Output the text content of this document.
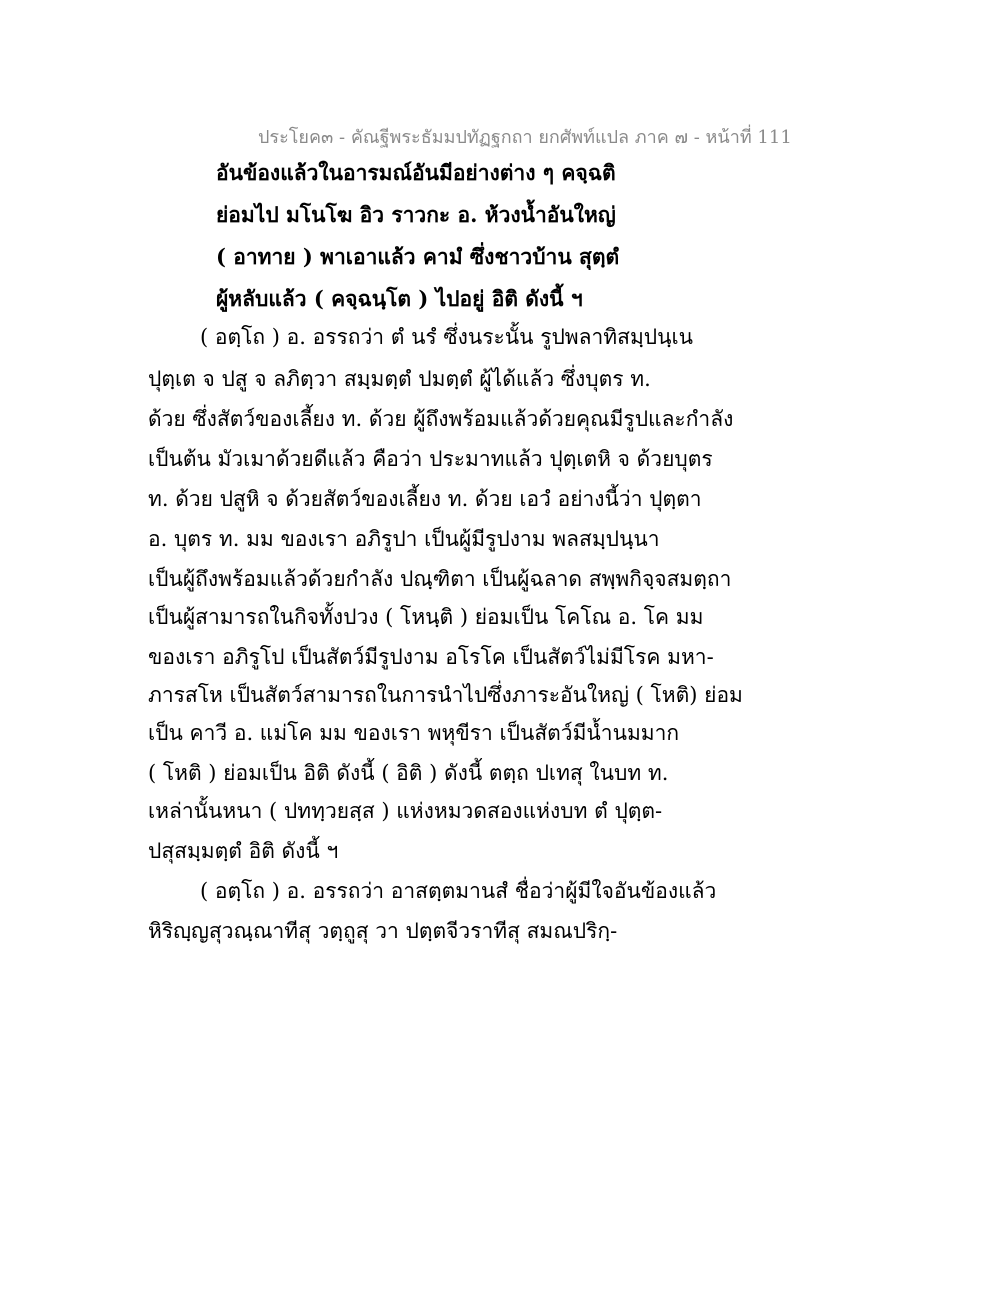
ประโยค๓ - คัณฐีพระธัมมปทัฏฐกถา ยกศัพท์แปล ภาค ๗ - หน้าที่ 111
อันข้องแล้วในอารมณ์อันมีอย่างต่าง ๆ คจฺฉติ
ย่อมไป มโนโฆ อิว ราวกะ อ. ห้วงน้ำอันใหญ่
( อาทาย ) พาเอาแล้ว คามํ ซึ่งชาวบ้าน สุตฺตํ
ผู้หลับแล้ว ( คจฺฉนฺโต ) ไปอยู่ อิติ ดังนี้ ฯ
( อตฺโถ ) อ. อรรถว่า ตํ นรํ ซึ่งนระนั้น รูปพลาทิสมฺปนฺเน
ปุตฺเต จ ปสู จ ลภิตฺวา สมฺมตฺตํ ปมตฺตํ ผู้ได้แล้ว ซึ่งบุตร ท.
ด้วย ซึ่งสัตว์ของเลี้ยง ท. ด้วย ผู้ถึงพร้อมแล้วด้วยคุณมีรูปและกำลัง
เป็นต้น มัวเมาด้วยดีแล้ว คือว่า ประมาทแล้ว ปุตฺเตหิ จ ด้วยบุตร
ท. ด้วย ปสูหิ จ ด้วยสัตว์ของเลี้ยง ท. ด้วย เอวํ อย่างนี้ว่า ปุตฺตา
อ. บุตร ท. มม ของเรา อภิรูปา เป็นผู้มีรูปงาม พลสมฺปนฺนา
เป็นผู้ถึงพร้อมแล้วด้วยกำลัง ปณฺฑิตา เป็นผู้ฉลาด สพฺพกิจฺจสมตฺถา
เป็นผู้สามารถในกิจทั้งปวง ( โหนฺติ ) ย่อมเป็น โคโณ อ. โค มม
ของเรา อภิรูโป เป็นสัตว์มีรูปงาม อโรโค เป็นสัตว์ไม่มีโรค มหา-
ภารสโห เป็นสัตว์สามารถในการนำไปซึ่งภาระอันใหญ่ ( โหติ) ย่อม
เป็น คาวี อ. แม่โค มม ของเรา พหุขีรา เป็นสัตว์มีน้ำนมมาก
( โหติ ) ย่อมเป็น อิติ ดังนี้ ( อิติ ) ดังนี้ ตตฺถ ปเทสุ ในบท ท.
เหล่านั้นหนา ( ปททฺวยสฺส ) แห่งหมวดสองแห่งบท ตํ ปุตฺต-
ปสุสมฺมตฺตํ อิติ ดังนี้ ฯ
( อตฺโถ ) อ. อรรถว่า อาสตฺตมานสํ ชื่อว่าผู้มีใจอันข้องแล้ว
หิริญฺญสุวณฺณาทีสุ วตฺถูสุ วา ปตฺตจีวราทีสุ สมณปริกฺ-
